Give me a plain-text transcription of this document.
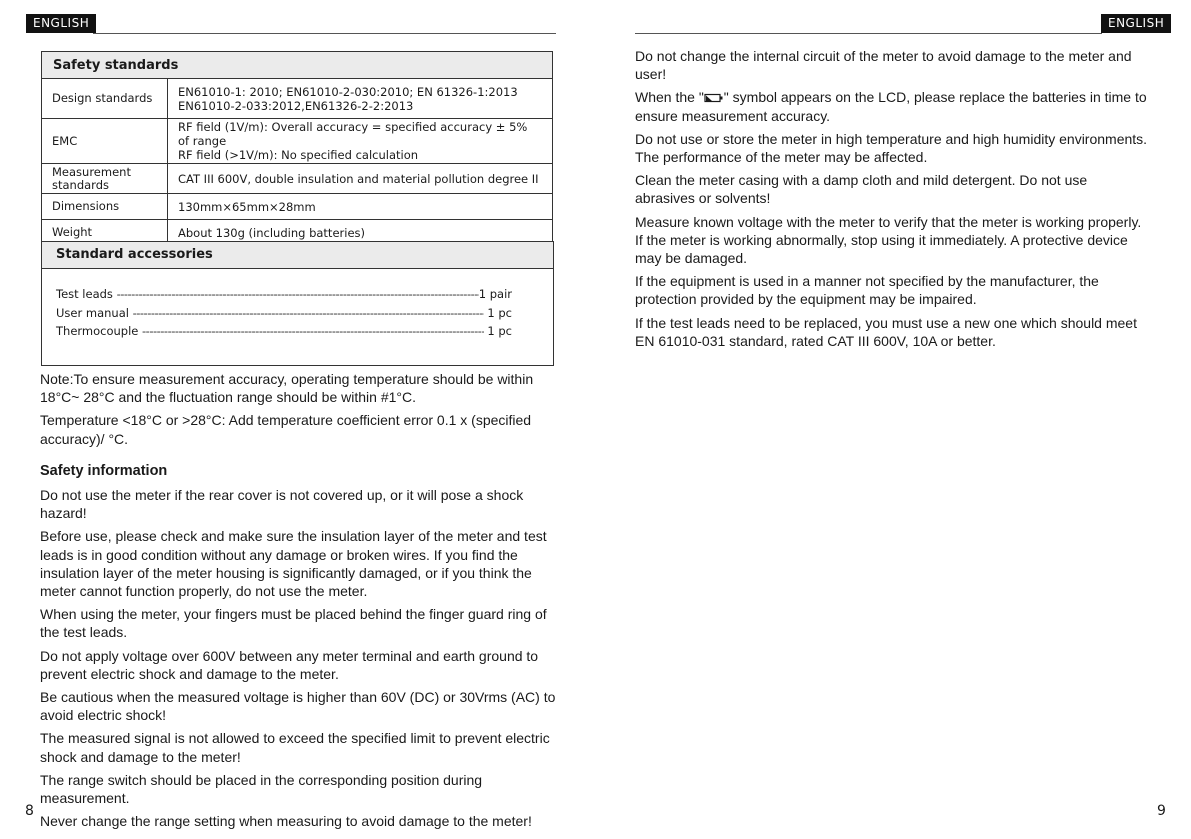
ENGLISH	ENGLISH
Safety standards	
Design standards	EN61010-1: 2010; EN61010-2-030:2010; EN 61326-1:2013
EN61010-2-033:2012,EN61326-2-2:2013

EMC	RF field (1V/m): Overall accuracy = specified accuracy ± 5% of range
RF field (>1V/m): No specified calculation

Measurement
standards	CAT III 600V, double insulation and material pollution degree II
Dimensions	130mm×65mm×28mm
Weight	About 130g (including batteries)
Standard accessories
Test leads -----	1 pair
User manual -----	1 pc
Thermocouple -----	1 pc

Note:To ensure measurement accuracy, operating temperature should be within 18°C~ 28°C and the fluctuation range should be within #1°C.

Temperature <18°C or >28°C: Add temperature coefficient error 0.1 x (specified accuracy)/ °C.

Safety information

Do not use the meter if the rear cover is not covered up, or it will pose a shock hazard!

Before use, please check and make sure the insulation layer of the meter and test leads is in good condition without any damage or broken wires. If you find the insulation layer of the meter housing is significantly damaged, or if you think the meter cannot function properly, do not use the meter.

When using the meter, your fingers must be placed behind the finger guard ring of the test leads.

Do not apply voltage over 600V between any meter terminal and earth ground to prevent electric shock and damage to the meter.

Be cautious when the measured voltage is higher than 60V (DC) or 30Vrms (AC) to avoid electric shock!

The measured signal is not allowed to exceed the specified limit to prevent electric shock and damage to the meter!

The range switch should be placed in the corresponding position during measurement.

Never change the range setting when measuring to avoid damage to the meter!

Do not change the internal circuit of the meter to avoid damage to the meter and user!

When the " " symbol appears on the LCD, please replace the batteries in time to ensure measurement accuracy.

Do not use or store the meter in high temperature and high humidity environments. The performance of the meter may be affected.

Clean the meter casing with a damp cloth and mild detergent. Do not use abrasives or solvents!

Measure known voltage with the meter to verify that the meter is working properly. If the meter is working abnormally, stop using it immediately. A protective device may be damaged.

If the equipment is used in a manner not specified by the manufacturer, the protection provided by the equipment may be impaired.

If the test leads need to be replaced, you must use a new one which should meet EN 61010-031 standard, rated CAT III 600V, 10A or better.

8	9
